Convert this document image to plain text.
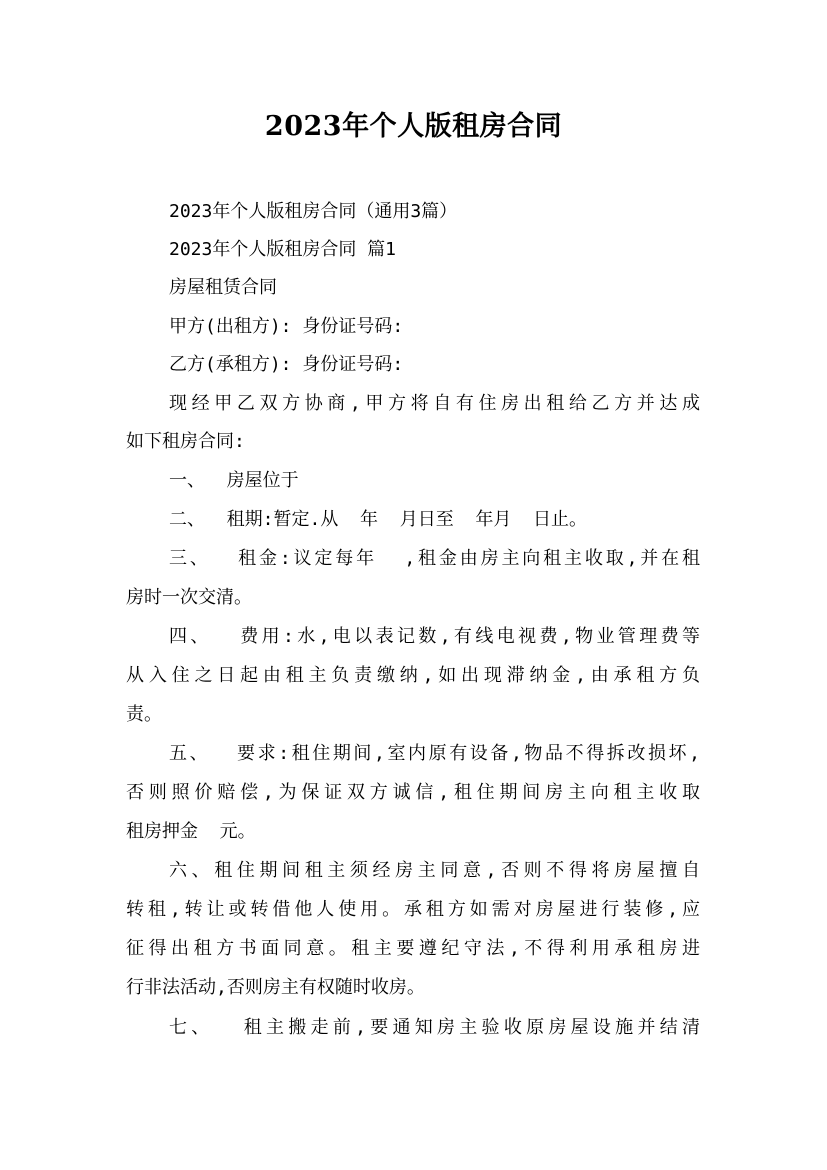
2023年个人版租房合同
2023年个人版租房合同（通用3篇）
2023年个人版租房合同 篇1
房屋租赁合同
甲方(出租方): 身份证号码:
乙方(承租方): 身份证号码:
现经甲乙双方协商,甲方将自有住房出租给乙方并达成
如下租房合同:
一、  房屋位于
二、  租期:暂定.从  年  月日至  年月  日止。
三、  租金:议定每年  ,租金由房主向租主收取,并在租
房时一次交清。
四、  费用:水,电以表记数,有线电视费,物业管理费等
从入住之日起由租主负责缴纳,如出现滞纳金,由承租方负
责。
五、  要求:租住期间,室内原有设备,物品不得拆改损坏,
否则照价赔偿,为保证双方诚信,租住期间房主向租主收取
租房押金  元。
六、租住期间租主须经房主同意,否则不得将房屋擅自
转租,转让或转借他人使用。承租方如需对房屋进行装修,应
征得出租方书面同意。租主要遵纪守法,不得利用承租房进
行非法活动,否则房主有权随时收房。
七、  租主搬走前,要通知房主验收原房屋设施并结清
